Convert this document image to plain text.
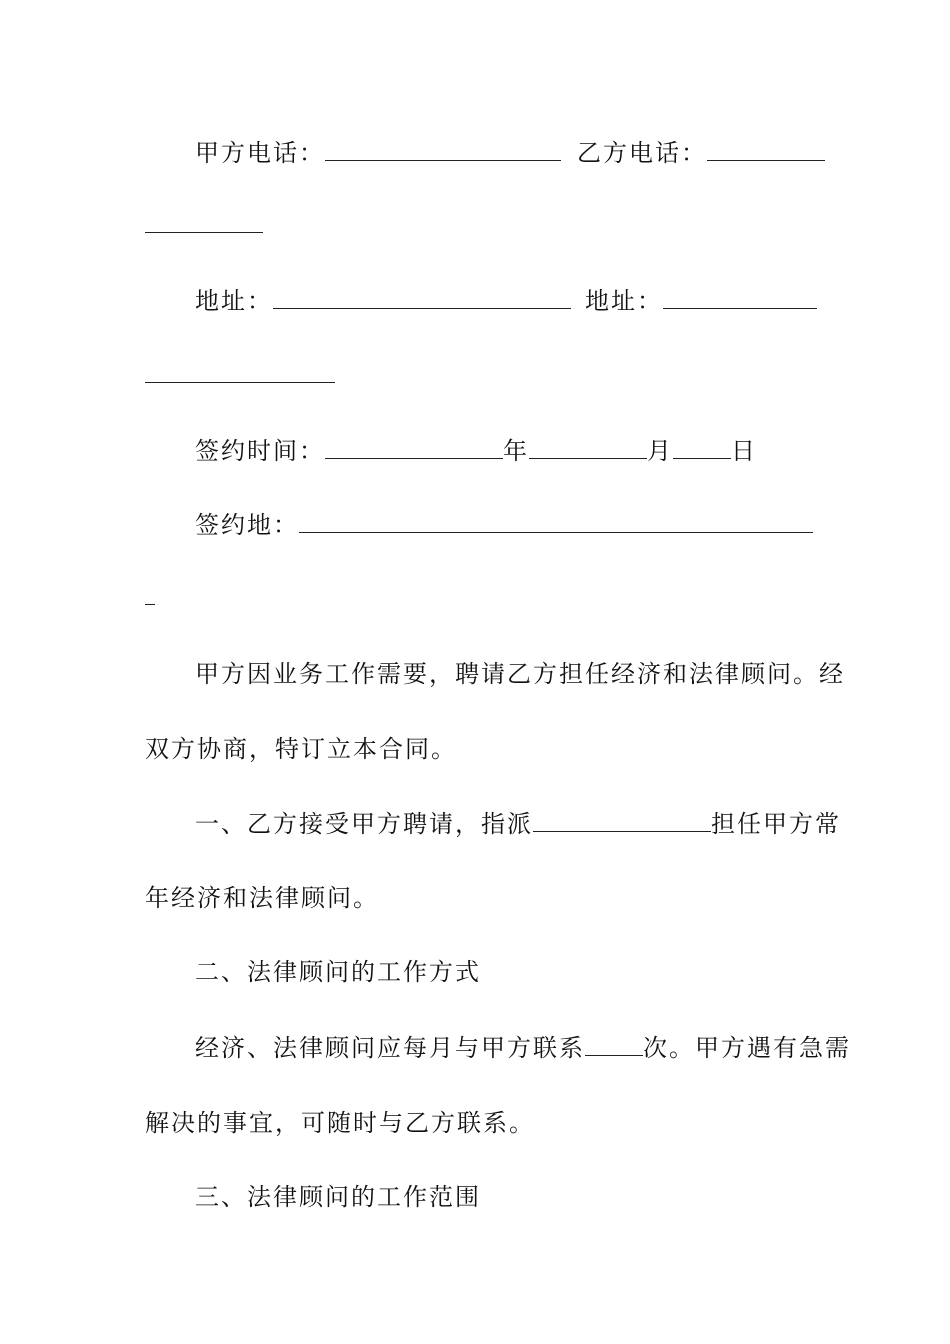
甲方电话：	乙方电话：
地址：	地址：
签约时间：	年	月 日
签约地：
甲方因业务工作需要，聘请乙方担任经济和法律顾问。经
双方协商，特订立本合同。
一、乙方接受甲方聘请，指派	担任甲方常
年经济和法律顾问。
二、法律顾问的工作方式
经济、法律顾问应每月与甲方联系 次。甲方遇有急需
解决的事宜，可随时与乙方联系。
三、法律顾问的工作范围
